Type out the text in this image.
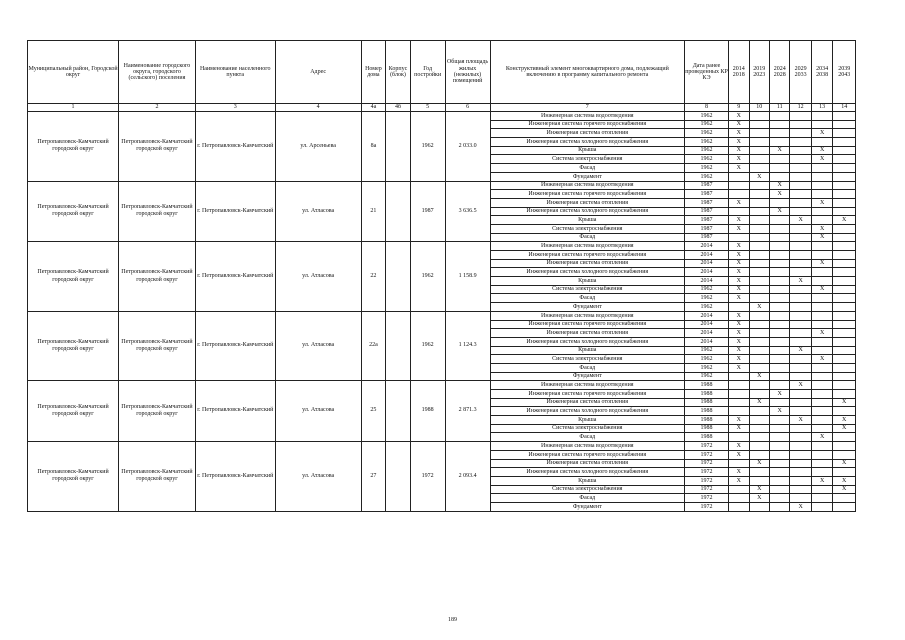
Муниципальный район, Городской округ	Наименование городского округа, городского (сельского) поселения	Наименование населенного пункта	Адрес	Номер дома	Корпус (блок)	Год постройки	Общая площадь жилых (нежилых) помещений	Конструктивный элемент многоквартирного дома, подлежащий включению в программу капитального ремонта	Дата ранее проведенных КР КЭ	2014 2018	2019 2023	2024 2028	2029 2033	2034 2038	2039 2043
1	2	3	4	4а	4б	5	6	7	8	9	10	11	12	13	14
Петропавловск-Камчатский городской округ	Петропавловск-Камчатский городской округ	г. Петропавловск-Камчатский	ул. Арсеньева	8а		1962	2 033.0	Инженерная система водоотведения	1962	X					
								Инженерная система горячего водоснабжения	1962	X					
								Инженерная система отопления	1962	X				X	
								Инженерная система холодного водоснабжения	1962	X					
								Крыша	1962	X		X		X	
								Система электроснабжения	1962	X				X	
								Фасад	1962	X					
								Фундамент	1962		X				
Петропавловск-Камчатский городской округ	Петропавловск-Камчатский городской округ	г. Петропавловск-Камчатский	ул. Атласова	21		1987	3 636.5	Инженерная система водоотведения	1987			X			
								Инженерная система горячего водоснабжения	1987			X			
								Инженерная система отопления	1987	X				X	
								Инженерная система холодного водоснабжения	1987			X			
								Крыша	1987	X			X		X
								Система электроснабжения	1987	X				X	
								Фасад	1987					X	
Петропавловск-Камчатский городской округ	Петропавловск-Камчатский городской округ	г. Петропавловск-Камчатский	ул. Атласова	22		1962	1 158.9	Инженерная система водоотведения	2014	X					
								Инженерная система горячего водоснабжения	2014	X					
								Инженерная система отопления	2014	X				X	
								Инженерная система холодного водоснабжения	2014	X					
								Крыша	2014	X			X		
								Система электроснабжения	1962	X				X	
								Фасад	1962	X					
								Фундамент	1962		X				
Петропавловск-Камчатский городской округ	Петропавловск-Камчатский городской округ	г. Петропавловск-Камчатский	ул. Атласова	22а		1962	1 124.3	Инженерная система водоотведения	2014	X					
								Инженерная система горячего водоснабжения	2014	X					
								Инженерная система отопления	2014	X				X	
								Инженерная система холодного водоснабжения	2014	X					
								Крыша	1962	X			X		
								Система электроснабжения	1962	X				X	
								Фасад	1962	X					
								Фундамент	1962		X				
Петропавловск-Камчатский городской округ	Петропавловск-Камчатский городской округ	г. Петропавловск-Камчатский	ул. Атласова	25		1988	2 871.3	Инженерная система водоотведения	1988				X		
								Инженерная система горячего водоснабжения	1988			X			
								Инженерная система отопления	1988		X				X
								Инженерная система холодного водоснабжения	1988			X			
								Крыша	1988	X			X		X
								Система электроснабжения	1988	X					X
								Фасад	1988					X	
Петропавловск-Камчатский городской округ	Петропавловск-Камчатский городской округ	г. Петропавловск-Камчатский	ул. Атласова	27		1972	2 093.4	Инженерная система водоотведения	1972	X					
								Инженерная система горячего водоснабжения	1972	X					
								Инженерная система отопления	1972		X				X
								Инженерная система холодного водоснабжения	1972	X					
								Крыша	1972	X				X	X
								Система электроснабжения	1972		X				X
								Фасад	1972		X				
								Фундамент	1972				X		
189
